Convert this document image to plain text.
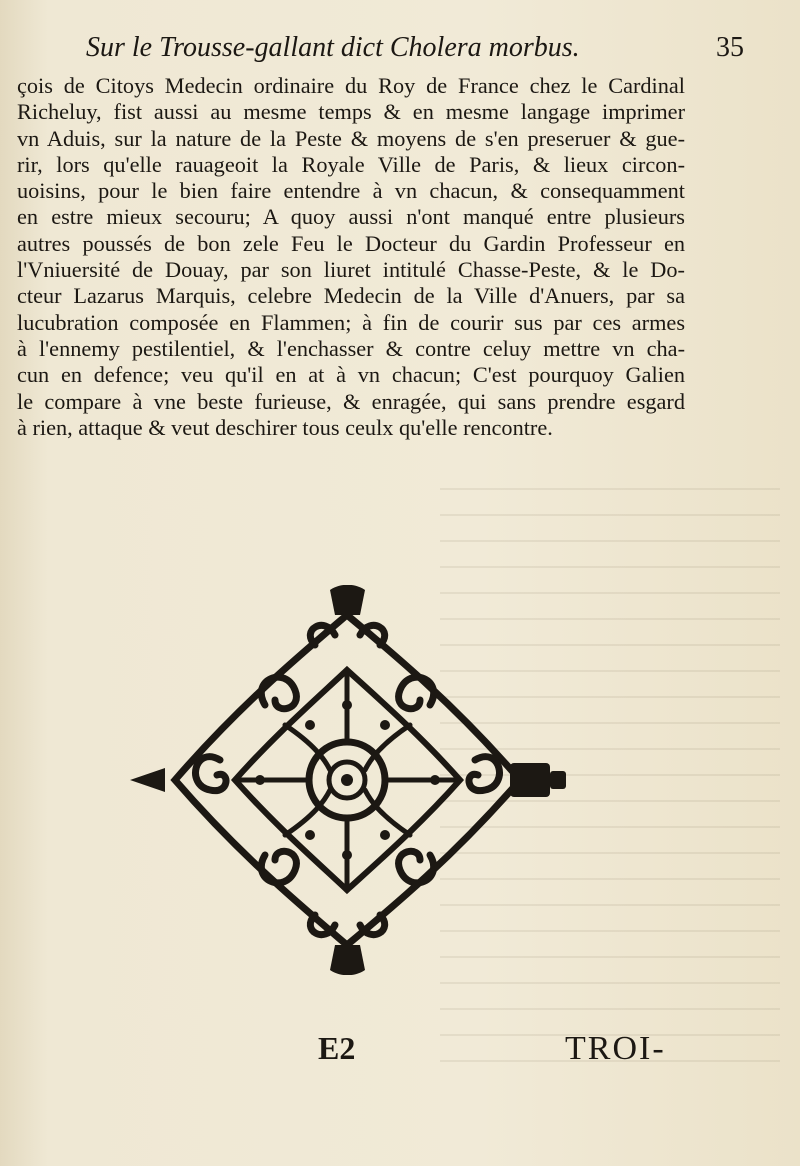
Sur le Trousse-gallant dict Cholera morbus.	35
çois de Citoys Medecin ordinaire du Roy de France chez le Cardinal
Richeluy, fist aussi au mesme temps & en mesme langage imprimer
vn Aduis, sur la nature de la Peste & moyens de s'en preseruer & gue-
rir, lors qu'elle rauageoit la Royale Ville de Paris, & lieux circon-
uoisins, pour le bien faire entendre à vn chacun, & consequamment
en estre mieux secouru; A quoy aussi n'ont manqué entre plusieurs
autres poussés de bon zele Feu le Docteur du Gardin Professeur en
l'Vniuersité de Douay, par son liuret intitulé Chasse-Peste, & le Do-
cteur Lazarus Marquis, celebre Medecin de la Ville d'Anuers, par sa
lucubration composée en Flammen; à fin de courir sus par ces armes
à l'ennemy pestilentiel, & l'enchasser & contre celuy mettre vn cha-
cun en defence; veu qu'il en at à vn chacun; C'est pourquoy Galien
le compare à vne beste furieuse, & enragée, qui sans prendre esgard
à rien, attaque & veut deschirer tous ceulx qu'elle rencontre.
E2	TROI-
